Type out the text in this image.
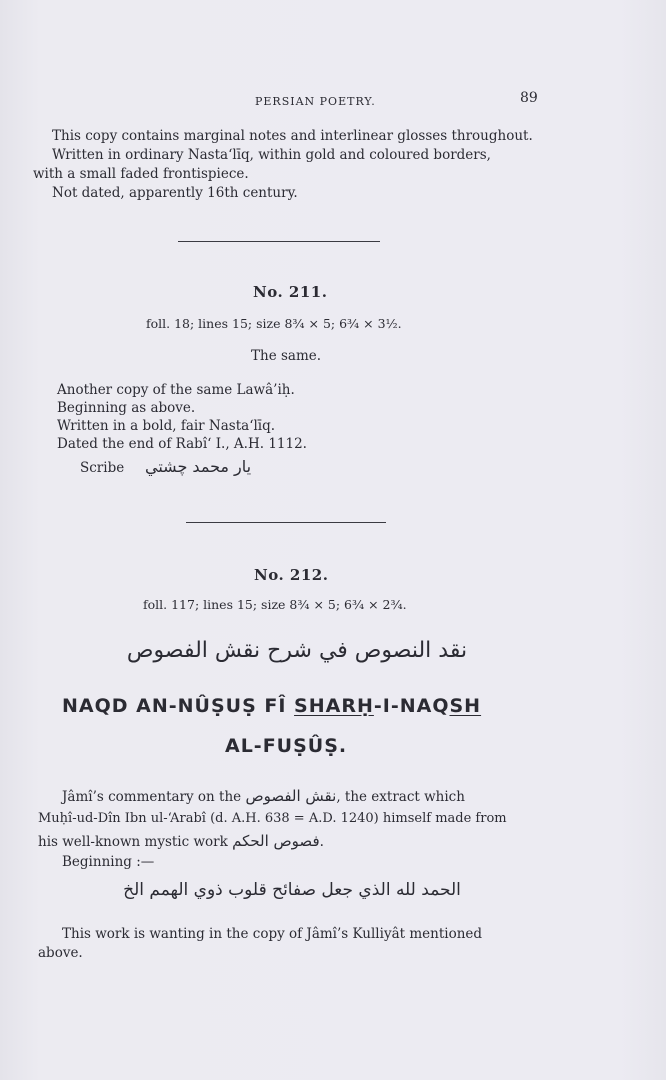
PERSIAN POETRY.	89
This copy contains marginal notes and interlinear glosses throughout.
Written in ordinary Nasta‘līq, within gold and coloured borders,
with a small faded frontispiece.
Not dated, apparently 16th century.
No. 211.
foll. 18; lines 15; size 8¾ × 5; 6¾ × 3½.
The same.
Another copy of the same Lawâ’iḥ.
Beginning as above.
Written in a bold, fair Nasta‘līq.
Dated the end of Rabî‘ I., A.H. 1112.
Scribe يار محمد چشتي
No. 212.
foll. 117; lines 15; size 8¾ × 5; 6¾ × 2¾.
نقد النصوص في شرح نقش الفصوص
NAQD AN-NÛṢUṢ FÎ SHARḤ-I-NAQSH
AL-FUṢÛṢ.
Jâmî’s commentary on the نقش الفصوص, the extract which
Muḥî-ud-Dîn Ibn ul-‘Arabî (d. A.H. 638 = A.D. 1240) himself made from
his well-known mystic work فصوص الحكم.
Beginning :—
الحمد لله الذي جعل صفائح قلوب ذوي الهمم الخ
This work is wanting in the copy of Jâmî’s Kulliyât mentioned
above.
